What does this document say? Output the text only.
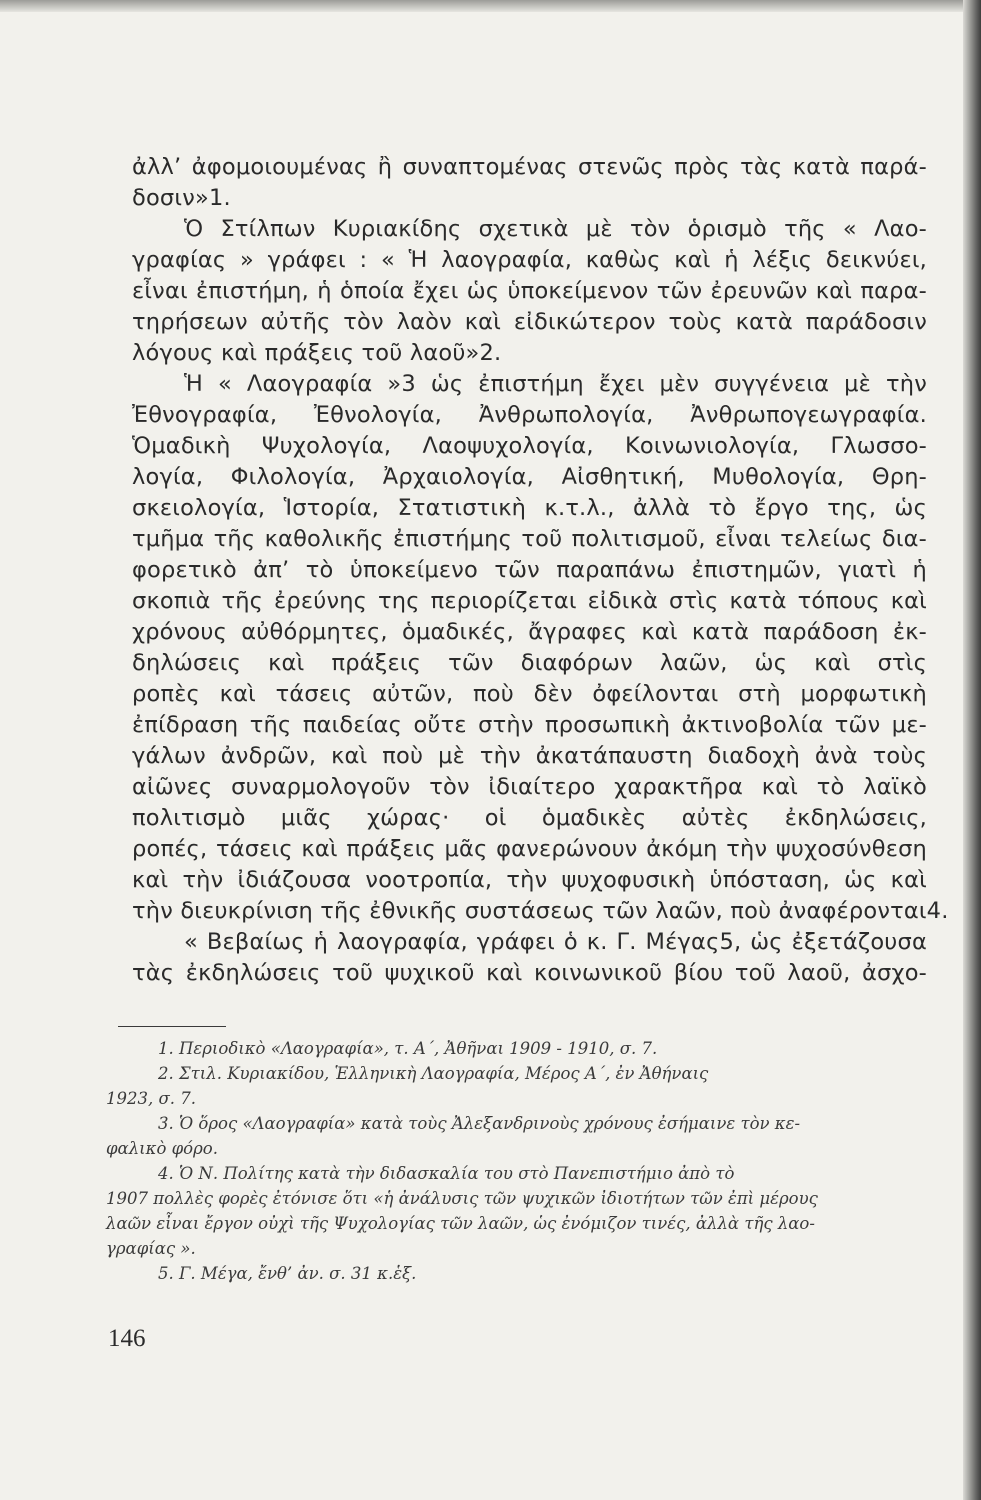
ἀλλ’ ἀφομοιουμένας ἢ συναπτομένας στενῶς πρὸς τὰς κατὰ παρά-
δοσιν»1.
Ὁ Στίλπων Κυριακίδης σχετικὰ μὲ τὸν ὁρισμὸ τῆς « Λαο-
γραφίας » γράφει : « Ἡ λαογραφία, καθὼς καὶ ἡ λέξις δεικνύει,
εἶναι ἐπιστήμη, ἡ ὁποία ἔχει ὡς ὑποκείμενον τῶν ἐρευνῶν καὶ παρα-
τηρήσεων αὐτῆς τὸν λαὸν καὶ εἰδικώτερον τοὺς κατὰ παράδοσιν
λόγους καὶ πράξεις τοῦ λαοῦ»2.
Ἡ « Λαογραφία »3 ὡς ἐπιστήμη ἔχει μὲν συγγένεια μὲ τὴν
Ἐθνογραφία, Ἐθνολογία, Ἀνθρωπολογία, Ἀνθρωπογεωγραφία.
Ὁμαδικὴ Ψυχολογία, Λαοψυχολογία, Κοινωνιολογία, Γλωσσο-
λογία, Φιλολογία, Ἀρχαιολογία, Αἰσθητική, Μυθολογία, Θρη-
σκειολογία, Ἱστορία, Στατιστικὴ κ.τ.λ., ἀλλὰ τὸ ἔργο της, ὡς
τμῆμα τῆς καθολικῆς ἐπιστήμης τοῦ πολιτισμοῦ, εἶναι τελείως δια-
φορετικὸ ἀπ’ τὸ ὑποκείμενο τῶν παραπάνω ἐπιστημῶν, γιατὶ ἡ
σκοπιὰ τῆς ἐρεύνης της περιορίζεται εἰδικὰ στὶς κατὰ τόπους καὶ
χρόνους αὐθόρμητες, ὁμαδικές, ἄγραφες καὶ κατὰ παράδοση ἐκ-
δηλώσεις καὶ πράξεις τῶν διαφόρων λαῶν, ὡς καὶ στὶς
ροπὲς καὶ τάσεις αὐτῶν, ποὺ δὲν ὀφείλονται στὴ μορφωτικὴ
ἐπίδραση τῆς παιδείας οὔτε στὴν προσωπικὴ ἀκτινοβολία τῶν με-
γάλων ἀνδρῶν, καὶ ποὺ μὲ τὴν ἀκατάπαυστη διαδοχὴ ἀνὰ τοὺς
αἰῶνες συναρμολογοῦν τὸν ἰδιαίτερο χαρακτῆρα καὶ τὸ λαϊκὸ
πολιτισμὸ μιᾶς χώρας· οἱ ὁμαδικὲς αὐτὲς ἐκδηλώσεις,
ροπές, τάσεις καὶ πράξεις μᾶς φανερώνουν ἀκόμη τὴν ψυχοσύνθεση
καὶ τὴν ἰδιάζουσα νοοτροπία, τὴν ψυχοφυσικὴ ὑπόσταση, ὡς καὶ
τὴν διευκρίνιση τῆς ἐθνικῆς συστάσεως τῶν λαῶν, ποὺ ἀναφέρονται4.
« Βεβαίως ἡ λαογραφία, γράφει ὁ κ. Γ. Μέγας5, ὡς ἐξετάζουσα
τὰς ἐκδηλώσεις τοῦ ψυχικοῦ καὶ κοινωνικοῦ βίου τοῦ λαοῦ, ἀσχο-
1. Περιοδικὸ «Λαογραφία», τ. Α΄, Ἀθῆναι 1909 - 1910, σ. 7.
2. Στιλ. Κυριακίδου, Ἑλληνικὴ Λαογραφία, Μέρος Α΄, ἐν Ἀθήναις
1923, σ. 7.
3. Ὁ ὅρος «Λαογραφία» κατὰ τοὺς Ἀλεξανδρινοὺς χρόνους ἐσήμαινε τὸν κε-
φαλικὸ φόρο.
4. Ὁ Ν. Πολίτης κατὰ τὴν διδασκαλία του στὸ Πανεπιστήμιο ἀπὸ τὸ
1907 πολλὲς φορὲς ἐτόνισε ὅτι «ἡ ἀνάλυσις τῶν ψυχικῶν ἰδιοτήτων τῶν ἐπὶ μέρους
λαῶν εἶναι ἔργον οὐχὶ τῆς Ψυχολογίας τῶν λαῶν, ὡς ἐνόμιζον τινές, ἀλλὰ τῆς λαο-
γραφίας ».
5. Γ. Μέγα, ἔνθ’ ἀν. σ. 31 κ.ἑξ.
146
